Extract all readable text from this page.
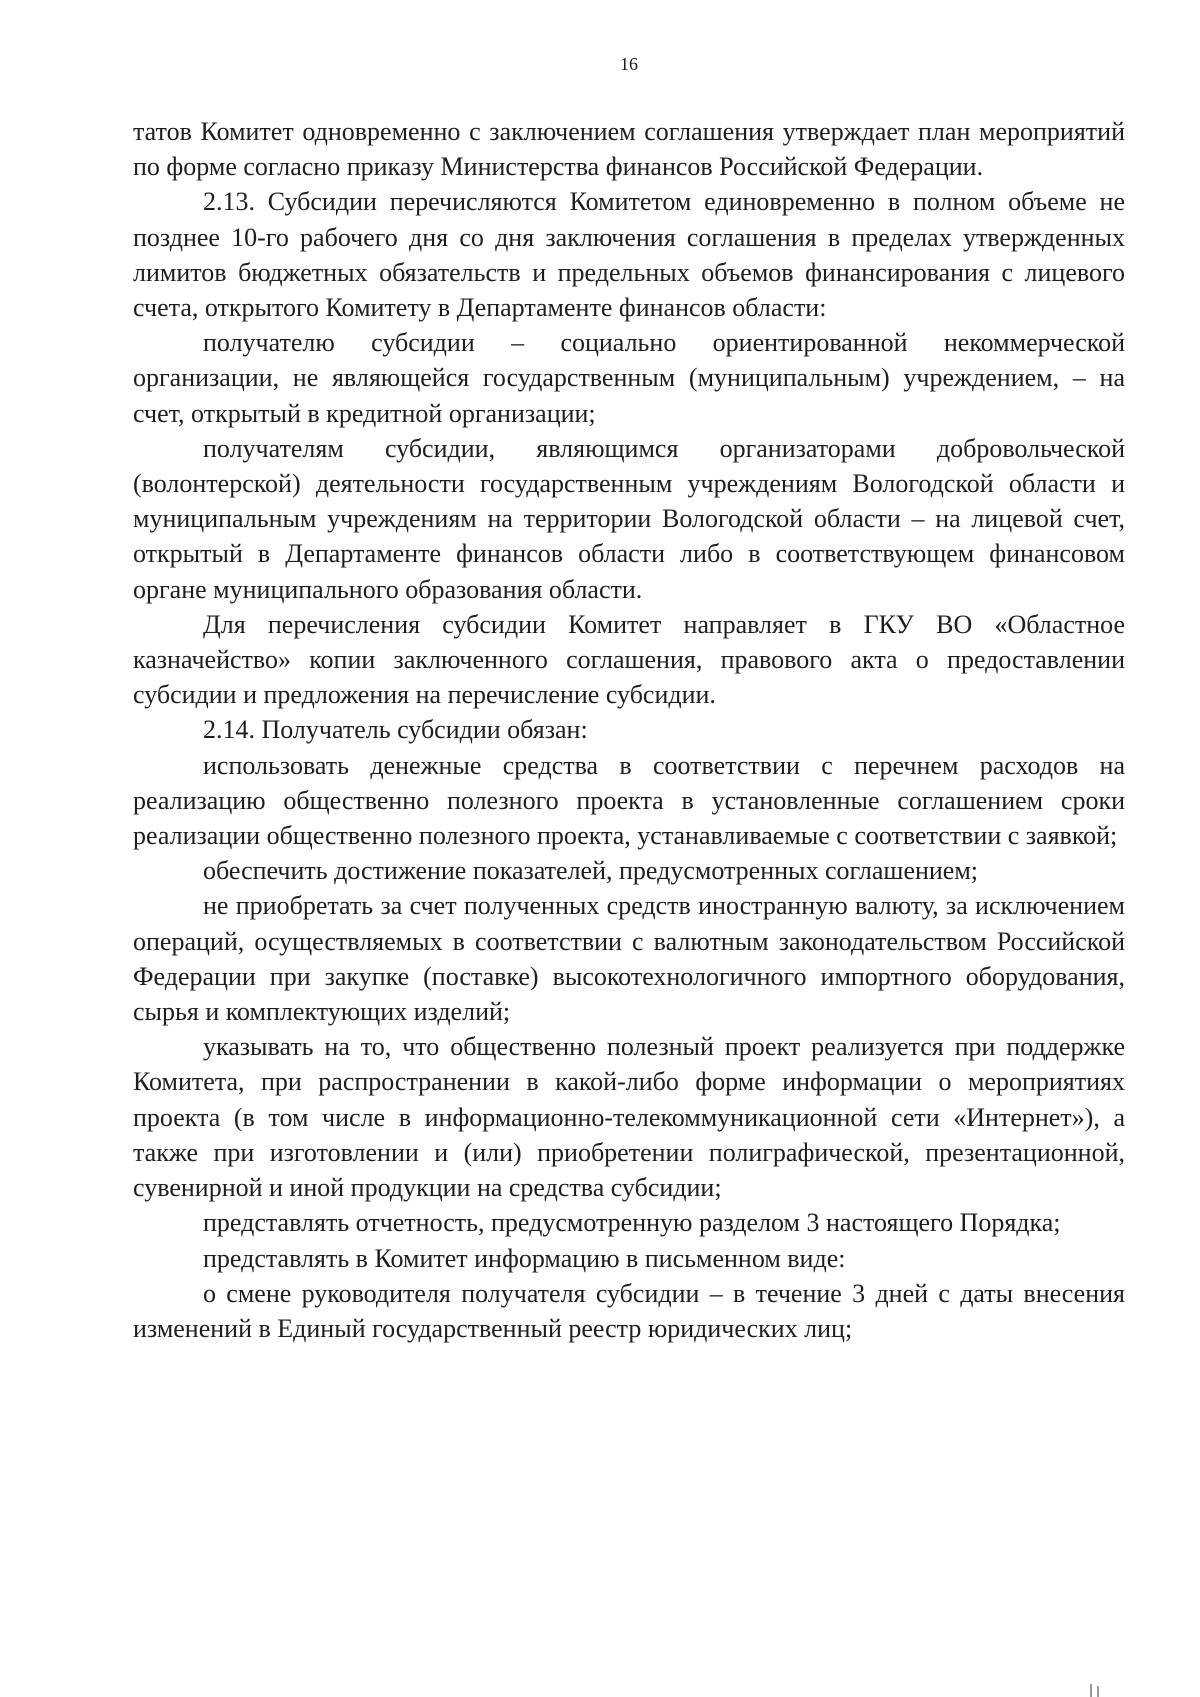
16

татов Комитет одновременно с заключением соглашения утверждает план мероприятий по форме согласно приказу Министерства финансов Российской Федерации.

2.13. Субсидии перечисляются Комитетом единовременно в полном объеме не позднее 10-го рабочего дня со дня заключения соглашения в пределах утвержденных лимитов бюджетных обязательств и предельных объемов финансирования с лицевого счета, открытого Комитету в Департаменте финансов области:

получателю субсидии – социально ориентированной некоммерческой организации, не являющейся государственным (муниципальным) учреждением, – на счет, открытый в кредитной организации;

получателям субсидии, являющимся организаторами добровольческой (волонтерской) деятельности государственным учреждениям Вологодской области и муниципальным учреждениям на территории Вологодской области – на лицевой счет, открытый в Департаменте финансов области либо в соответствующем финансовом органе муниципального образования области.

Для перечисления субсидии Комитет направляет в ГКУ ВО «Областное казначейство» копии заключенного соглашения, правового акта о предоставлении субсидии и предложения на перечисление субсидии.

2.14. Получатель субсидии обязан:

использовать денежные средства в соответствии с перечнем расходов на реализацию общественно полезного проекта в установленные соглашением сроки реализации общественно полезного проекта, устанавливаемые с соответствии с заявкой;

обеспечить достижение показателей, предусмотренных соглашением;

не приобретать за счет полученных средств иностранную валюту, за исключением операций, осуществляемых в соответствии с валютным законодательством Российской Федерации при закупке (поставке) высокотехнологичного импортного оборудования, сырья и комплектующих изделий;

указывать на то, что общественно полезный проект реализуется при поддержке Комитета, при распространении в какой-либо форме информации о мероприятиях проекта (в том числе в информационно-телекоммуникационной сети «Интернет»), а также при изготовлении и (или) приобретении полиграфической, презентационной, сувенирной и иной продукции на средства субсидии;

представлять отчетность, предусмотренную разделом 3 настоящего Порядка;

представлять в Комитет информацию в письменном виде:

о смене руководителя получателя субсидии – в течение 3 дней с даты внесения изменений в Единый государственный реестр юридических лиц;
